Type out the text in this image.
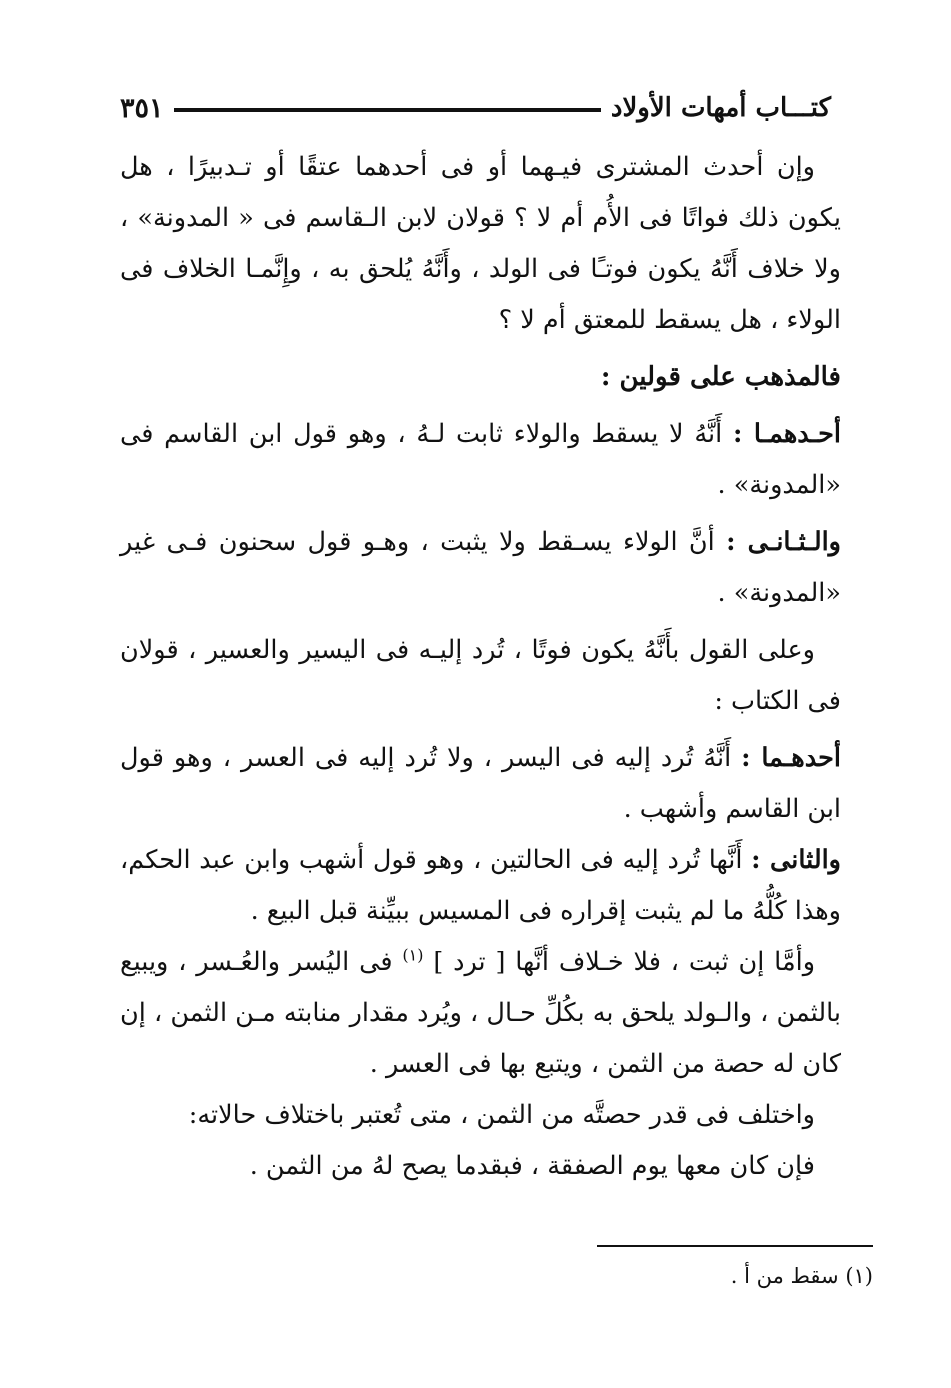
٣٥١	كتـــاب أمهات الأولاد

وإن أحدث المشترى فيـهما أو فى أحدهما عتقًا أو تـدبيرًا ، هل يكون ذلك فواتًا فى الأُم أم لا ؟ قولان لابن الـقاسم فى « المدونة» ، ولا خلاف أَنَّهُ يكون فوتـًا فى الولد ، وأَنَّهُ يُلحق به ، وإِنَّمـا الخلاف فى الولاء ، هل يسقط للمعتق أم لا ؟

فالمذهب على قولين :

أحـدهمـا : أَنَّهُ لا يسقط والولاء ثابت لـهُ ، وهو قول ابن القاسم فى «المدونة» .

والـثـانـى : أنَّ الولاء يسـقط ولا يثبت ، وهـو قول سحنون فـى غير «المدونة» .

وعلى القول بأَنَّهُ يكون فوتًا ، تُرد إليـه فى اليسير والعسير ، قولان فى الكتاب :

أحدهـما : أَنَّهُ تُرد إليه فى اليسر ، ولا تُرد إليه فى العسر ، وهو قول ابن القاسم وأشهب .

والثانى : أَنَّها تُرد إليه فى الحالتين ، وهو قول أشهب وابن عبد الحكم، وهذا كُلُّهُ ما لم يثبت إقراره فى المسيس ببيِّنة قبل البيع .

وأمَّا إن ثبت ، فلا خـلاف أنَّها [ ترد ] $^{(١)}$ فى اليُسر والعُـسر ، ويبيع بالثمن ، والـولد يلحق به بكُلِّ حـال ، ويُرد مقدار منابته مـن الثمن ، إن كان له حصة من الثمن ، ويتبع بها فى العسر .

واختلف فى قدر حصتَّه من الثمن ، متى تُعتبر باختلاف حالاته:

فإن كان معها يوم الصفقة ، فبقدما يصح لهُ من الثمن .

(١) سقط من أ .
